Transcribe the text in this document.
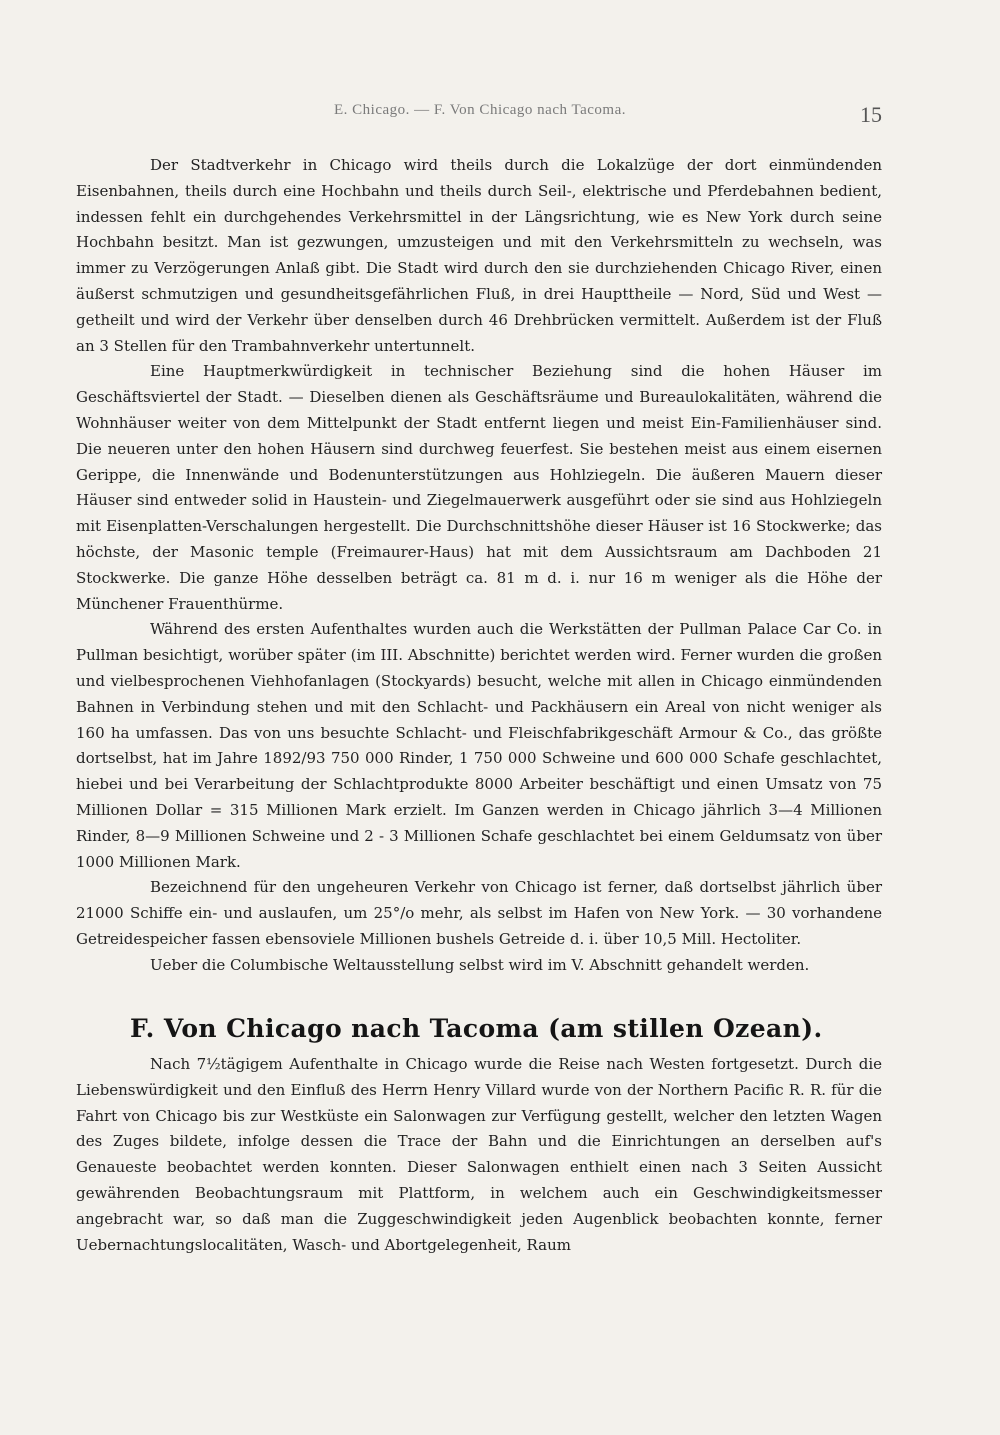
E. Chicago. — F. Von Chicago nach Tacoma.	15

Der Stadtverkehr in Chicago wird theils durch die Lokalzüge der dort einmündenden Eisenbahnen, theils durch eine Hochbahn und theils durch Seil-, elektrische und Pferdebahnen bedient, indessen fehlt ein durchgehendes Verkehrsmittel in der Längsrichtung, wie es New York durch seine Hochbahn besitzt. Man ist gezwungen, umzusteigen und mit den Verkehrsmitteln zu wechseln, was immer zu Verzögerungen Anlaß gibt. Die Stadt wird durch den sie durchziehenden Chicago River, einen äußerst schmutzigen und gesundheitsgefährlichen Fluß, in drei Haupttheile — Nord, Süd und West — getheilt und wird der Verkehr über denselben durch 46 Drehbrücken vermittelt. Außerdem ist der Fluß an 3 Stellen für den Trambahnverkehr untertunnelt.

Eine Hauptmerkwürdigkeit in technischer Beziehung sind die hohen Häuser im Geschäftsviertel der Stadt. — Dieselben dienen als Geschäftsräume und Bureaulokalitäten, während die Wohnhäuser weiter von dem Mittelpunkt der Stadt entfernt liegen und meist Ein-Familienhäuser sind. Die neueren unter den hohen Häusern sind durchweg feuerfest. Sie bestehen meist aus einem eisernen Gerippe, die Innenwände und Bodenunterstützungen aus Hohlziegeln. Die äußeren Mauern dieser Häuser sind entweder solid in Haustein- und Ziegelmauerwerk ausgeführt oder sie sind aus Hohlziegeln mit Eisenplatten-Verschalungen hergestellt. Die Durchschnittshöhe dieser Häuser ist 16 Stockwerke; das höchste, der Masonic temple (Freimaurer-Haus) hat mit dem Aussichtsraum am Dachboden 21 Stockwerke. Die ganze Höhe desselben beträgt ca. 81 m d. i. nur 16 m weniger als die Höhe der Münchener Frauenthürme.

Während des ersten Aufenthaltes wurden auch die Werkstätten der Pullman Palace Car Co. in Pullman besichtigt, worüber später (im III. Abschnitte) berichtet werden wird. Ferner wurden die großen und vielbesprochenen Viehhofanlagen (Stockyards) besucht, welche mit allen in Chicago einmündenden Bahnen in Verbindung stehen und mit den Schlacht- und Packhäusern ein Areal von nicht weniger als 160 ha umfassen. Das von uns besuchte Schlacht- und Fleischfabrikgeschäft Armour & Co., das größte dortselbst, hat im Jahre 1892/93 750 000 Rinder, 1 750 000 Schweine und 600 000 Schafe geschlachtet, hiebei und bei Verarbeitung der Schlachtprodukte 8000 Arbeiter beschäftigt und einen Umsatz von 75 Millionen Dollar = 315 Millionen Mark erzielt. Im Ganzen werden in Chicago jährlich 3—4 Millionen Rinder, 8—9 Millionen Schweine und 2 - 3 Millionen Schafe geschlachtet bei einem Geldumsatz von über 1000 Millionen Mark.

Bezeichnend für den ungeheuren Verkehr von Chicago ist ferner, daß dortselbst jährlich über 21000 Schiffe ein- und auslaufen, um 25°/o mehr, als selbst im Hafen von New York. — 30 vorhandene Getreidespeicher fassen ebensoviele Millionen bushels Getreide d. i. über 10,5 Mill. Hectoliter.

Ueber die Columbische Weltausstellung selbst wird im V. Abschnitt gehandelt werden.

F. Von Chicago nach Tacoma (am stillen Ozean).

Nach 7½tägigem Aufenthalte in Chicago wurde die Reise nach Westen fortgesetzt. Durch die Liebenswürdigkeit und den Einfluß des Herrn Henry Villard wurde von der Northern Pacific R. R. für die Fahrt von Chicago bis zur Westküste ein Salonwagen zur Verfügung gestellt, welcher den letzten Wagen des Zuges bildete, infolge dessen die Trace der Bahn und die Einrichtungen an derselben auf's Genaueste beobachtet werden konnten. Dieser Salonwagen enthielt einen nach 3 Seiten Aussicht gewährenden Beobachtungsraum mit Plattform, in welchem auch ein Geschwindigkeitsmesser angebracht war, so daß man die Zuggeschwindigkeit jeden Augenblick beobachten konnte, ferner Uebernachtungslocalitäten, Wasch- und Abortgelegenheit, Raum
